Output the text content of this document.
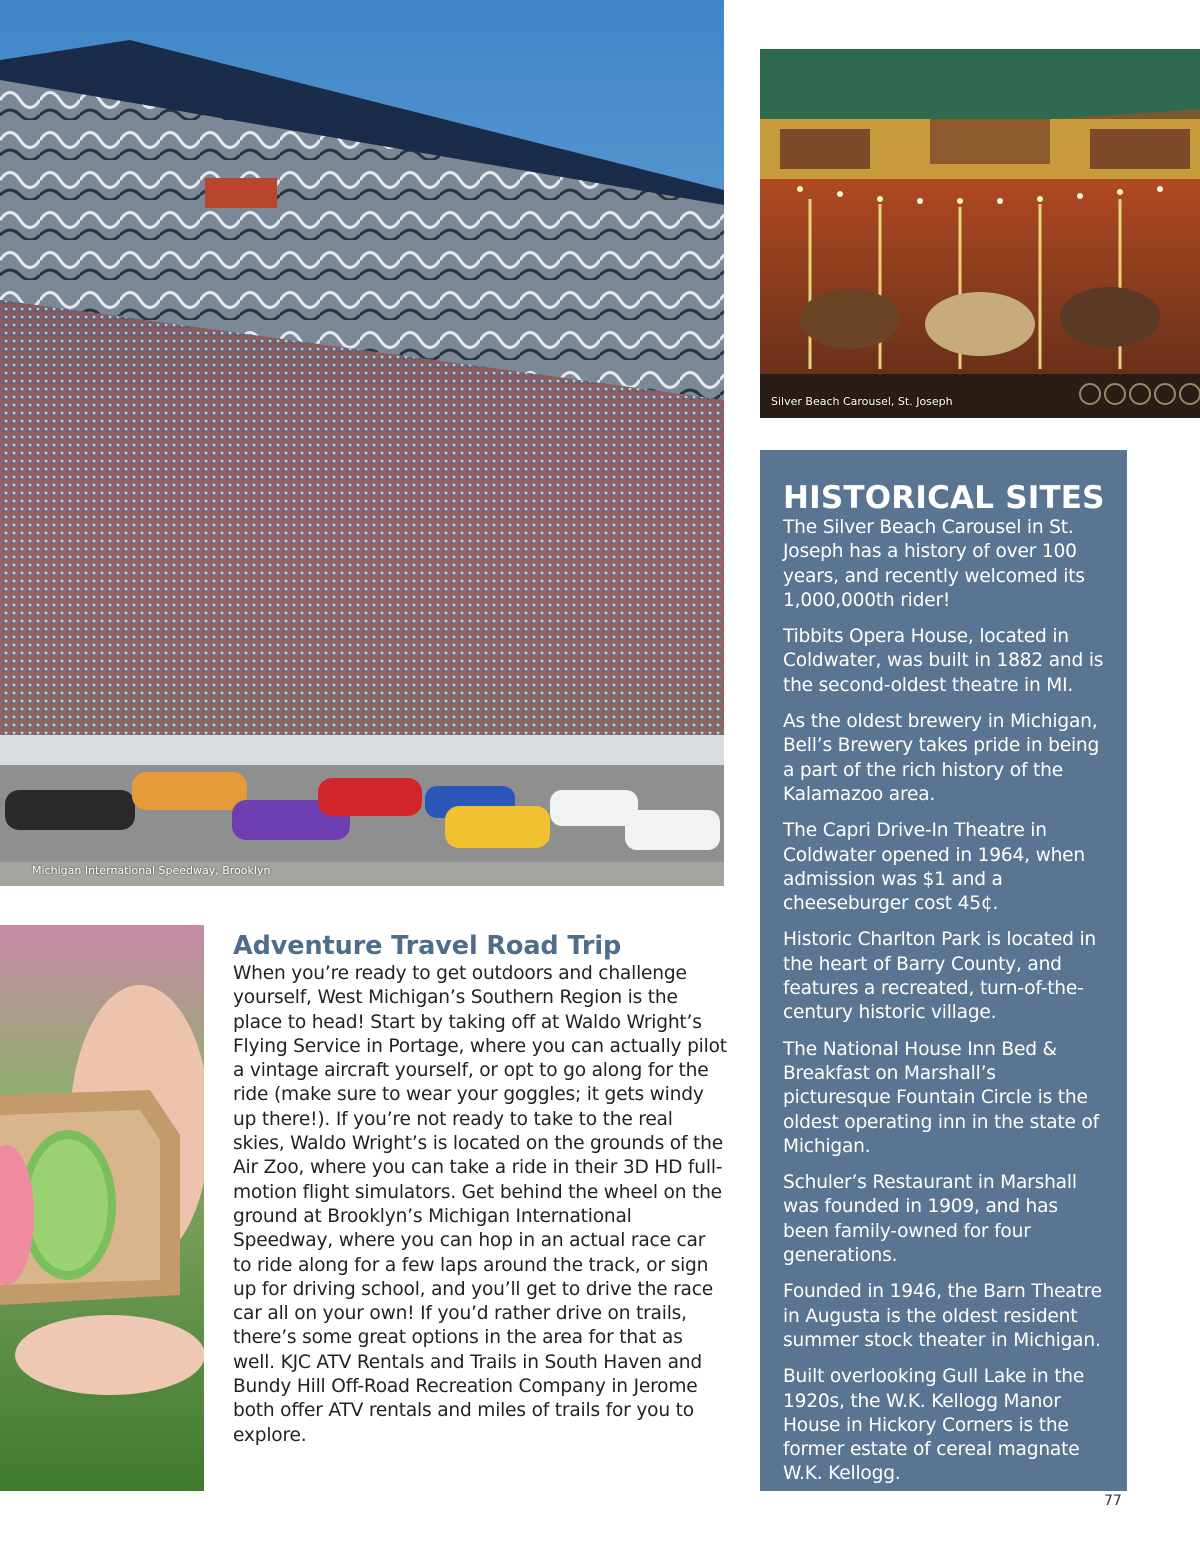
Michigan International Speedway, Brooklyn
Silver Beach Carousel, St. Joseph
HISTORICAL SITES

The Silver Beach Carousel in St. Joseph has a history of over 100 years, and recently welcomed its 1,000,000th rider!

Tibbits Opera House, located in Coldwater, was built in 1882 and is the second-oldest theatre in MI.

As the oldest brewery in Michigan, Bell’s Brewery takes pride in being a part of the rich history of the Kalamazoo area.

The Capri Drive-In Theatre in Coldwater opened in 1964, when admission was $1 and a cheeseburger cost 45¢.

Historic Charlton Park is located in the heart of Barry County, and features a recreated, turn-of-the-century historic village.

The National House Inn Bed & Breakfast on Marshall’s picturesque Fountain Circle is the oldest operating inn in the state of Michigan.

Schuler’s Restaurant in Marshall was founded in 1909, and has been family-owned for four generations.

Founded in 1946, the Barn Theatre in Augusta is the oldest resident summer stock theater in Michigan.

Built overlooking Gull Lake in the 1920s, the W.K. Kellogg Manor House in Hickory Corners is the former estate of cereal magnate W.K. Kellogg.

Adventure Travel Road Trip

When you’re ready to get outdoors and challenge yourself, West Michigan’s Southern Region is the place to head! Start by taking off at Waldo Wright’s Flying Service in Portage, where you can actually pilot a vintage aircraft yourself, or opt to go along for the ride (make sure to wear your goggles; it gets windy up there!). If you’re not ready to take to the real skies, Waldo Wright’s is located on the grounds of the Air Zoo, where you can take a ride in their 3D HD full-motion flight simulators. Get behind the wheel on the ground at Brooklyn’s Michigan International Speedway, where you can hop in an actual race car to ride along for a few laps around the track, or sign up for driving school, and you’ll get to drive the race car all on your own! If you’d rather drive on trails, there’s some great options in the area for that as well. KJC ATV Rentals and Trails in South Haven and Bundy Hill Off-Road Recreation Company in Jerome both offer ATV rentals and miles of trails for you to explore.

77
